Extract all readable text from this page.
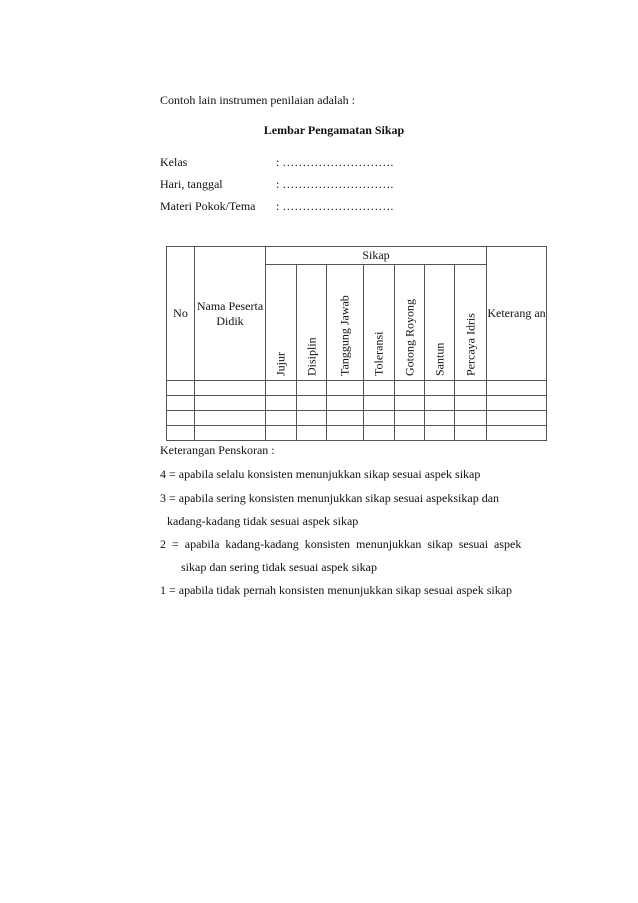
Contoh lain instrumen penilaian adalah :
Lembar Pengamatan Sikap
Kelas	: ……………………….
Hari, tanggal	: ……………………….
Materi Pokok/Tema : ……………………….
No	Nama Peserta Didik	Sikap							Keterang an

		Jujur	Disiplin	Tanggung Jawab	Toleransi	Gotong Royong	Santun	Percaya Idris	

Keterangan Penskoran :
4 = apabila selalu konsisten menunjukkan sikap sesuai aspek sikap
3 = apabila sering konsisten menunjukkan sikap sesuai aspeksikap dan
kadang-kadang tidak sesuai aspek sikap
2  =  apabila  kadang-kadang  konsisten  menunjukkan  sikap  sesuai  aspek
sikap dan sering tidak sesuai aspek sikap
1 = apabila tidak pernah konsisten menunjukkan sikap sesuai aspek sikap
